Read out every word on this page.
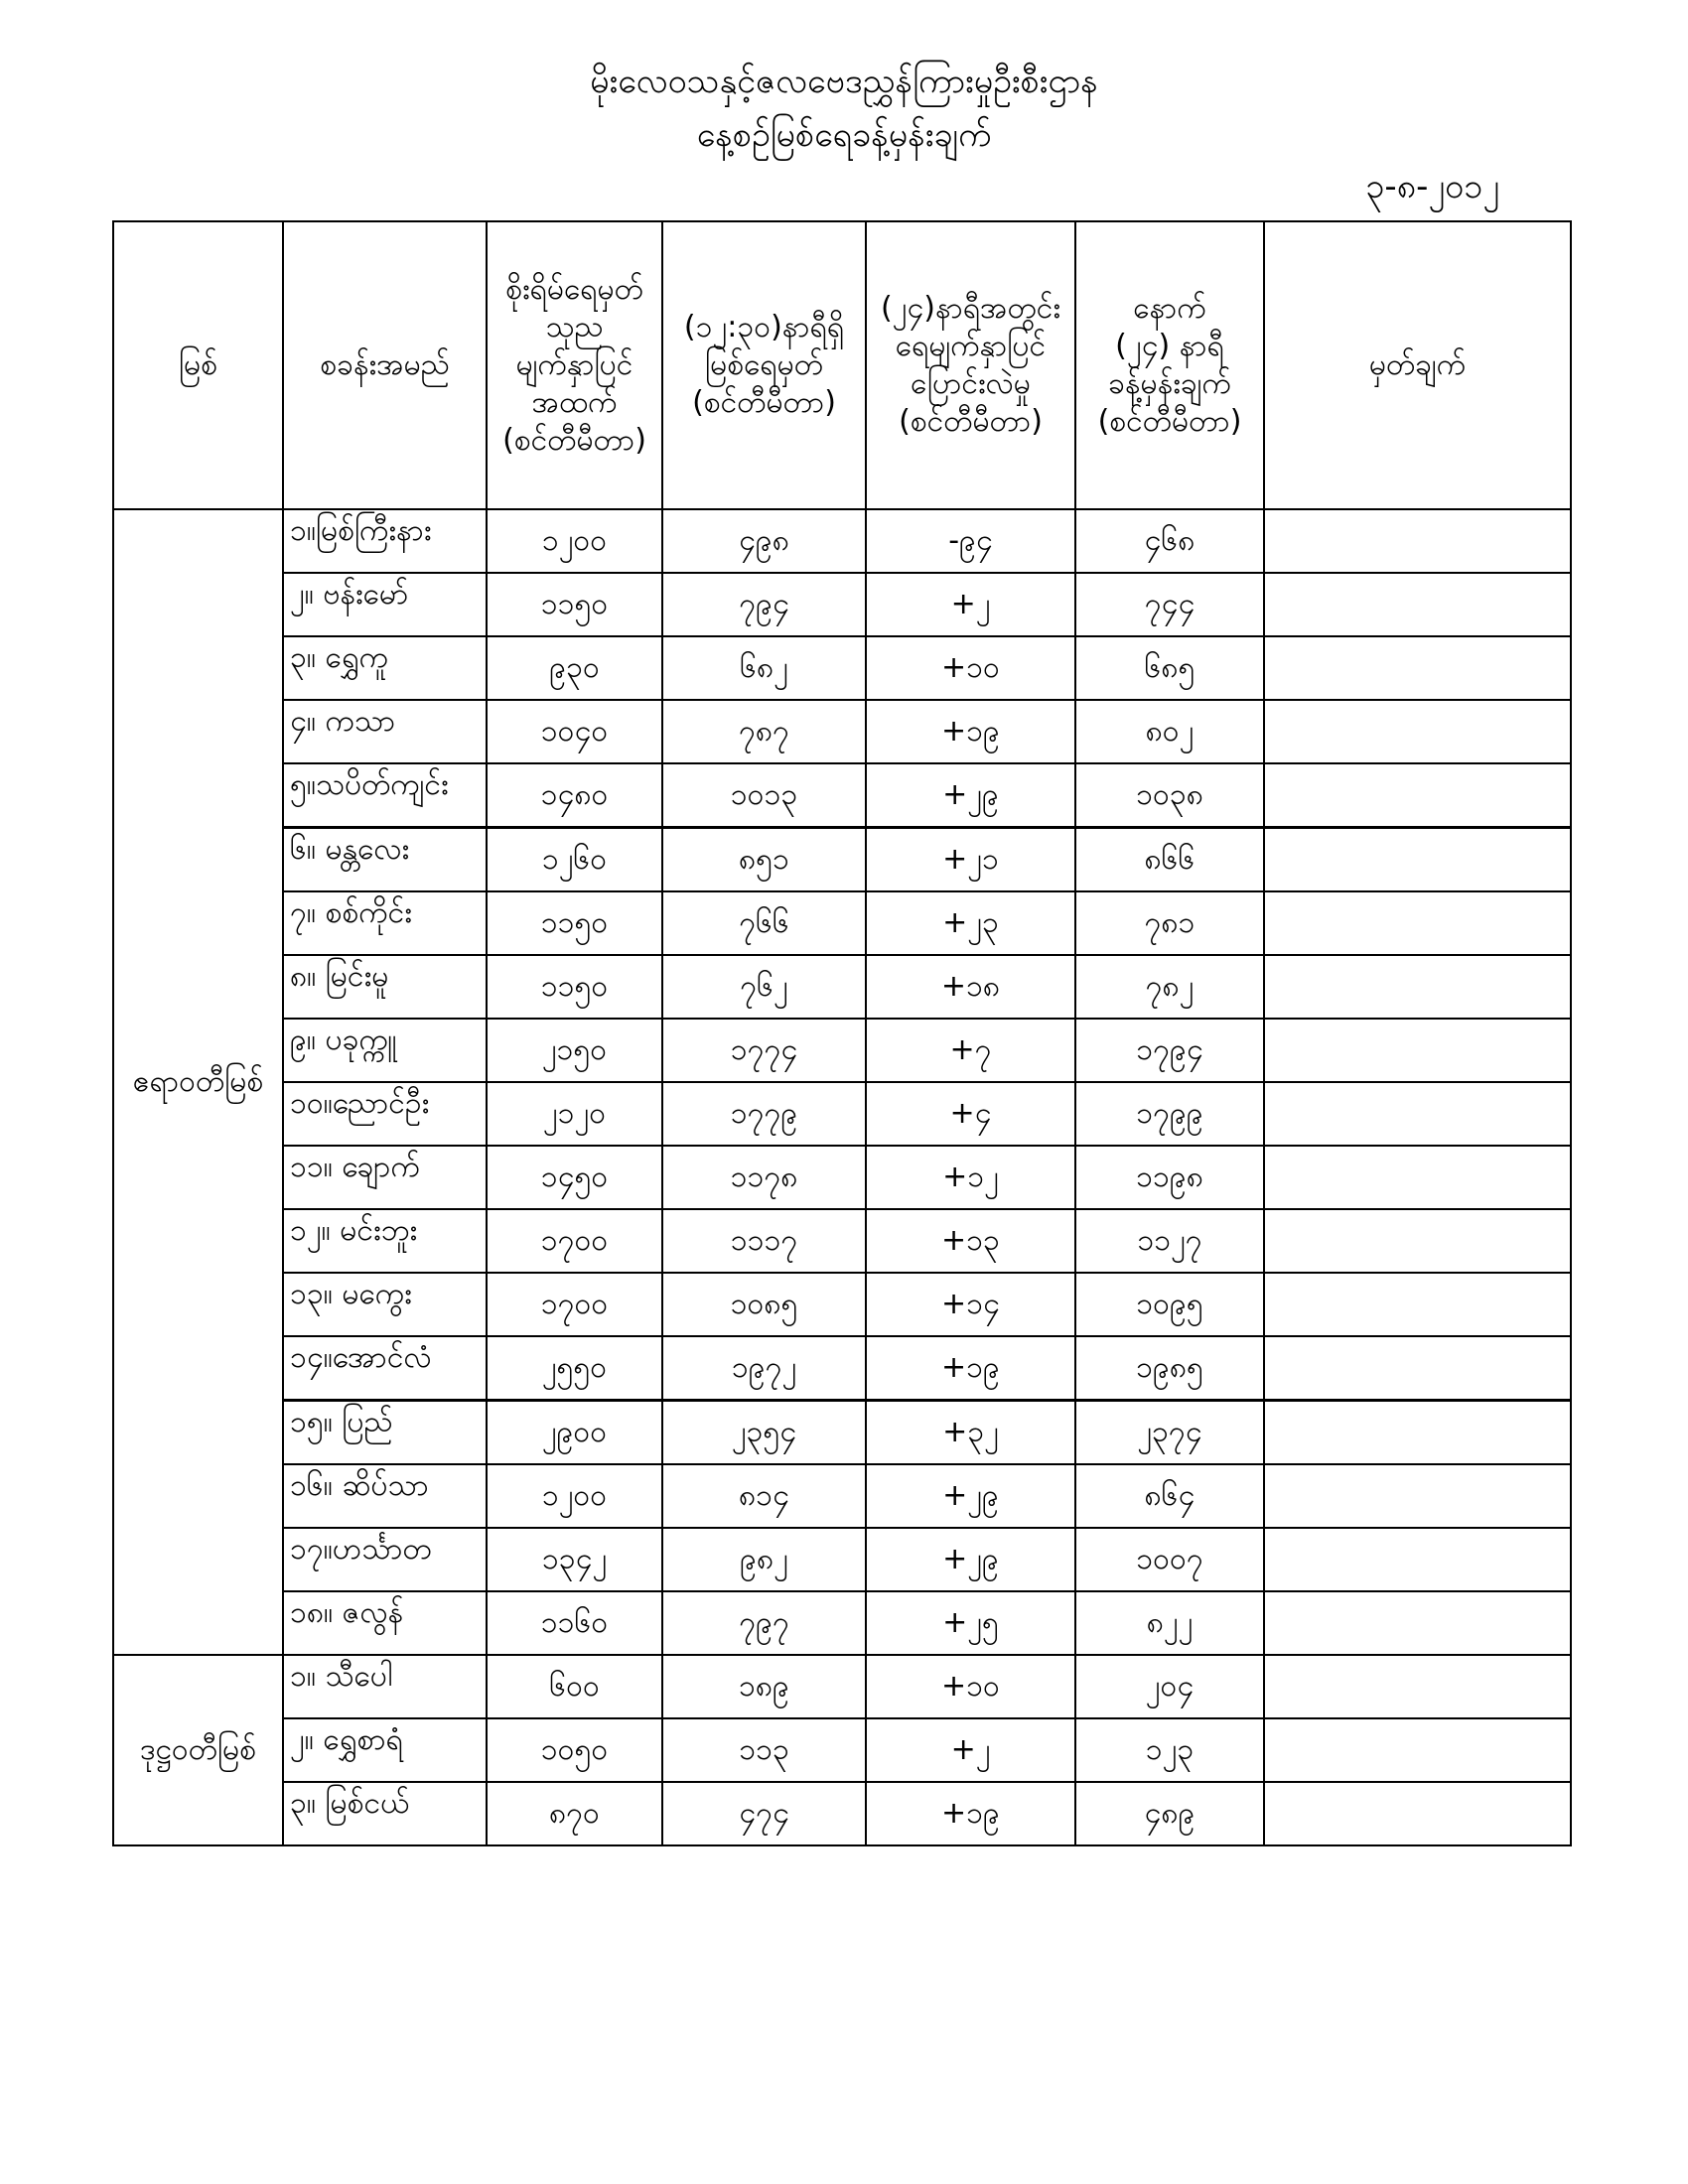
မိုးလေဝသနှင့်ဇလဗေဒညွှန်ကြားမှုဦးစီးဌာန
နေ့စဉ်မြစ်ရေခန့်မှန်းချက်
၃-၈-၂၀၁၂
မြစ်	စခန်းအမည်	စိုးရိမ်ရေမှတ်
သုည
မျက်နှာပြင်
အထက်
(စင်တီမီတာ)	(၁၂:၃၀)နာရီရှိ
မြစ်ရေမှတ်
(စင်တီမီတာ)	(၂၄)နာရီအတွင်း
ရေမျက်နှာပြင်
ပြောင်းလဲမှု
(စင်တီမီတာ)	နောက်
(၂၄) နာရီ
ခန့်မှန်းချက်
(စင်တီမီတာ)	မှတ်ချက်

ဧရာဝတီမြစ်	၁။မြစ်ကြီးနား	၁၂၀၀	၄၉၈	-၉၄	၄၆၈	
	၂။ ဗန်းမော်	၁၁၅၀	၇၉၄	+၂	၇၄၄	
	၃။ ရွှေကူ	၉၃၀	၆၈၂	+၁၀	၆၈၅	
	၄။ ကသာ	၁၀၄၀	၇၈၇	+၁၉	၈၀၂	
	၅။သပိတ်ကျင်း	၁၄၈၀	၁၀၁၃	+၂၉	၁၀၃၈	
	၆။ မန္တလေး	၁၂၆၀	၈၅၁	+၂၁	၈၆၆	
	၇။ စစ်ကိုင်း	၁၁၅၀	၇၆၆	+၂၃	၇၈၁	
	၈။ မြင်းမူ	၁၁၅၀	၇၆၂	+၁၈	၇၈၂	
	၉။ ပခုက္ကူ	၂၁၅၀	၁၇၇၄	+၇	၁၇၉၄	
	၁၀။ညောင်ဦး	၂၁၂၀	၁၇၇၉	+၄	၁၇၉၉	
	၁၁။ ချောက်	၁၄၅၀	၁၁၇၈	+၁၂	၁၁၉၈	
	၁၂။ မင်းဘူး	၁၇၀၀	၁၁၁၇	+၁၃	၁၁၂၇	
	၁၃။ မကွေး	၁၇၀၀	၁၀၈၅	+၁၄	၁၀၉၅	
	၁၄။အောင်လံ	၂၅၅၀	၁၉၇၂	+၁၉	၁၉၈၅	
	၁၅။ ပြည်	၂၉၀၀	၂၃၅၄	+၃၂	၂၃၇၄	
	၁၆။ ဆိပ်သာ	၁၂၀၀	၈၁၄	+၂၉	၈၆၄	
	၁၇။ဟင်္သာတ	၁၃၄၂	၉၈၂	+၂၉	၁၀၀၇	
	၁၈။ ဇလွန်	၁၁၆၀	၇၉၇	+၂၅	၈၂၂	
ဒုဋ္ဌဝတီမြစ်	၁။ သီပေါ	၆၀၀	၁၈၉	+၁၀	၂၀၄	
	၂။ ရွှေစာရံ	၁၀၅၀	၁၁၃	+၂	၁၂၃	
	၃။ မြစ်ငယ်	၈၇၀	၄၇၄	+၁၉	၄၈၉	
